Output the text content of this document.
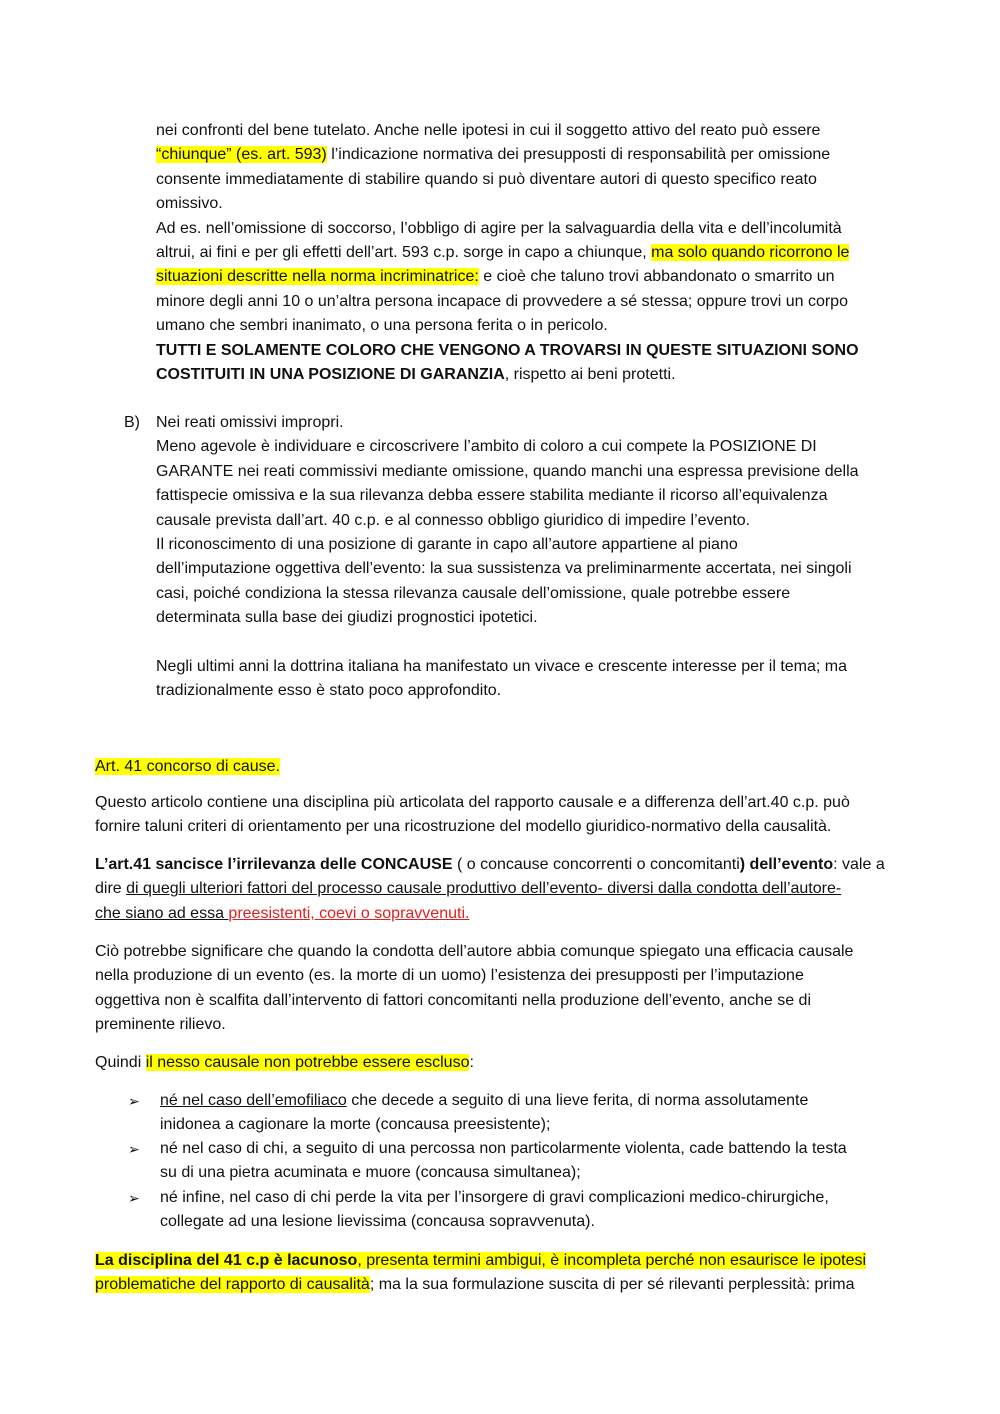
nei confronti del bene tutelato. Anche nelle ipotesi in cui il soggetto attivo del reato può essere
“chiunque” (es. art. 593) l’indicazione normativa dei presupposti di responsabilità per omissione
consente immediatamente di stabilire quando si può diventare autori di questo specifico reato
omissivo.
Ad es. nell’omissione di soccorso, l’obbligo di agire per la salvaguardia della vita e dell’incolumità
altrui, ai fini e per gli effetti dell’art. 593 c.p. sorge in capo a chiunque, ma solo quando ricorrono le
situazioni descritte nella norma incriminatrice: e cioè che taluno trovi abbandonato o smarrito un
minore degli anni 10 o un’altra persona incapace di provvedere a sé stessa; oppure trovi un corpo
umano che sembri inanimato, o una persona ferita o in pericolo.
TUTTI E SOLAMENTE COLORO CHE VENGONO A TROVARSI IN QUESTE SITUAZIONI SONO
COSTITUITI IN UNA POSIZIONE DI GARANZIA, rispetto ai beni protetti.
B) Nei reati omissivi impropri.
Meno agevole è individuare e circoscrivere l’ambito di coloro a cui compete la POSIZIONE DI
GARANTE nei reati commissivi mediante omissione, quando manchi una espressa previsione della
fattispecie omissiva e la sua rilevanza debba essere stabilita mediante il ricorso all’equivalenza
causale prevista dall’art. 40 c.p. e al connesso obbligo giuridico di impedire l’evento.
Il riconoscimento di una posizione di garante in capo all’autore appartiene al piano
dell’imputazione oggettiva dell’evento: la sua sussistenza va preliminarmente accertata, nei singoli
casi, poiché condiziona la stessa rilevanza causale dell’omissione, quale potrebbe essere
determinata sulla base dei giudizi prognostici ipotetici.
Negli ultimi anni la dottrina italiana ha manifestato un vivace e crescente interesse per il tema; ma
tradizionalmente esso è stato poco approfondito.
Art. 41 concorso di cause.
Questo articolo contiene una disciplina più articolata del rapporto causale e a differenza dell’art.40 c.p. può
fornire taluni criteri di orientamento per una ricostruzione del modello giuridico-normativo della causalità.
L’art.41 sancisce l’irrilevanza delle CONCAUSE ( o concause concorrenti o concomitanti) dell’evento: vale a
dire di quegli ulteriori fattori del processo causale produttivo dell’evento- diversi dalla condotta dell’autore-
che siano ad essa preesistenti, coevi o sopravvenuti.
Ciò potrebbe significare che quando la condotta dell’autore abbia comunque spiegato una efficacia causale
nella produzione di un evento (es. la morte di un uomo) l’esistenza dei presupposti per l’imputazione
oggettiva non è scalfita dall’intervento di fattori concomitanti nella produzione dell’evento, anche se di
preminente rilievo.
Quindi il nesso causale non potrebbe essere escluso:
➢ né nel caso dell’emofiliaco che decede a seguito di una lieve ferita, di norma assolutamente
inidonea a cagionare la morte (concausa preesistente);
➢ né nel caso di chi, a seguito di una percossa non particolarmente violenta, cade battendo la testa
su di una pietra acuminata e muore (concausa simultanea);
➢ né infine, nel caso di chi perde la vita per l’insorgere di gravi complicazioni medico-chirurgiche,
collegate ad una lesione lievissima (concausa sopravvenuta).
La disciplina del 41 c.p è lacunoso, presenta termini ambigui, è incompleta perché non esaurisce le ipotesi
problematiche del rapporto di causalità; ma la sua formulazione suscita di per sé rilevanti perplessità: prima
